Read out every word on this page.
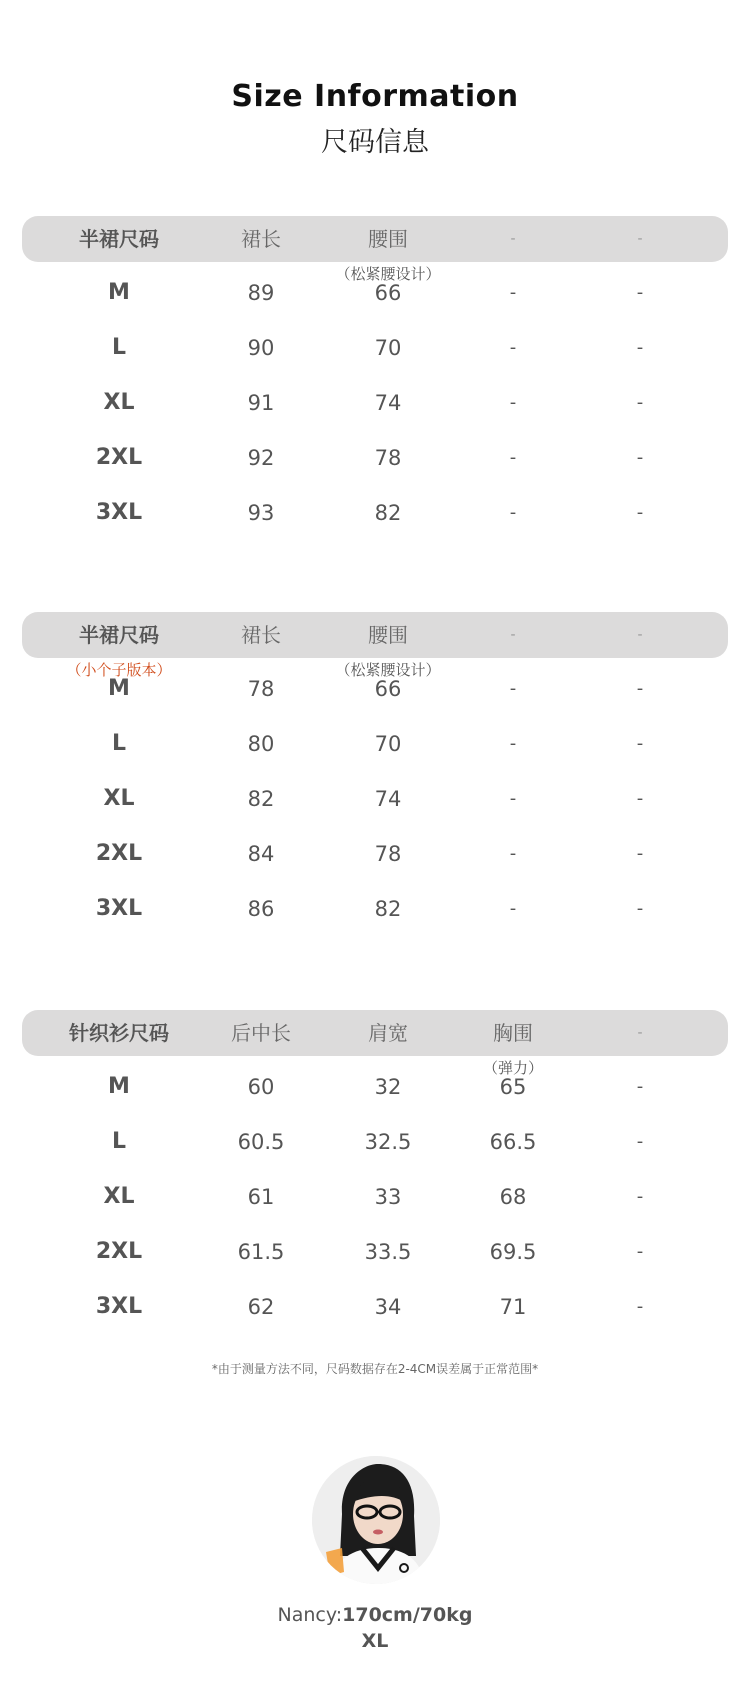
Size Information
尺码信息
半裙尺码	裙长	腰围	-	-
（松紧腰设计）
M	89	66	-	-
L	90	70	-	-
XL	91	74	-	-
2XL	92	78	-	-
3XL	93	82	-	-
半裙尺码	裙长	腰围	-	-
（松紧腰设计）
（小个子版本）
M	78	66	-	-
L	80	70	-	-
XL	82	74	-	-
2XL	84	78	-	-
3XL	86	82	-	-
针织衫尺码	后中长	肩宽	胸围	-
（弹力）
M	60	32	65	-
L	60.5	32.5	66.5	-
XL	61	33	68	-
2XL	61.5	33.5	69.5	-
3XL	62	34	71	-
*由于测量方法不同，尺码数据存在2-4CM误差属于正常范围*
Nancy:170cm/70kg
XL
